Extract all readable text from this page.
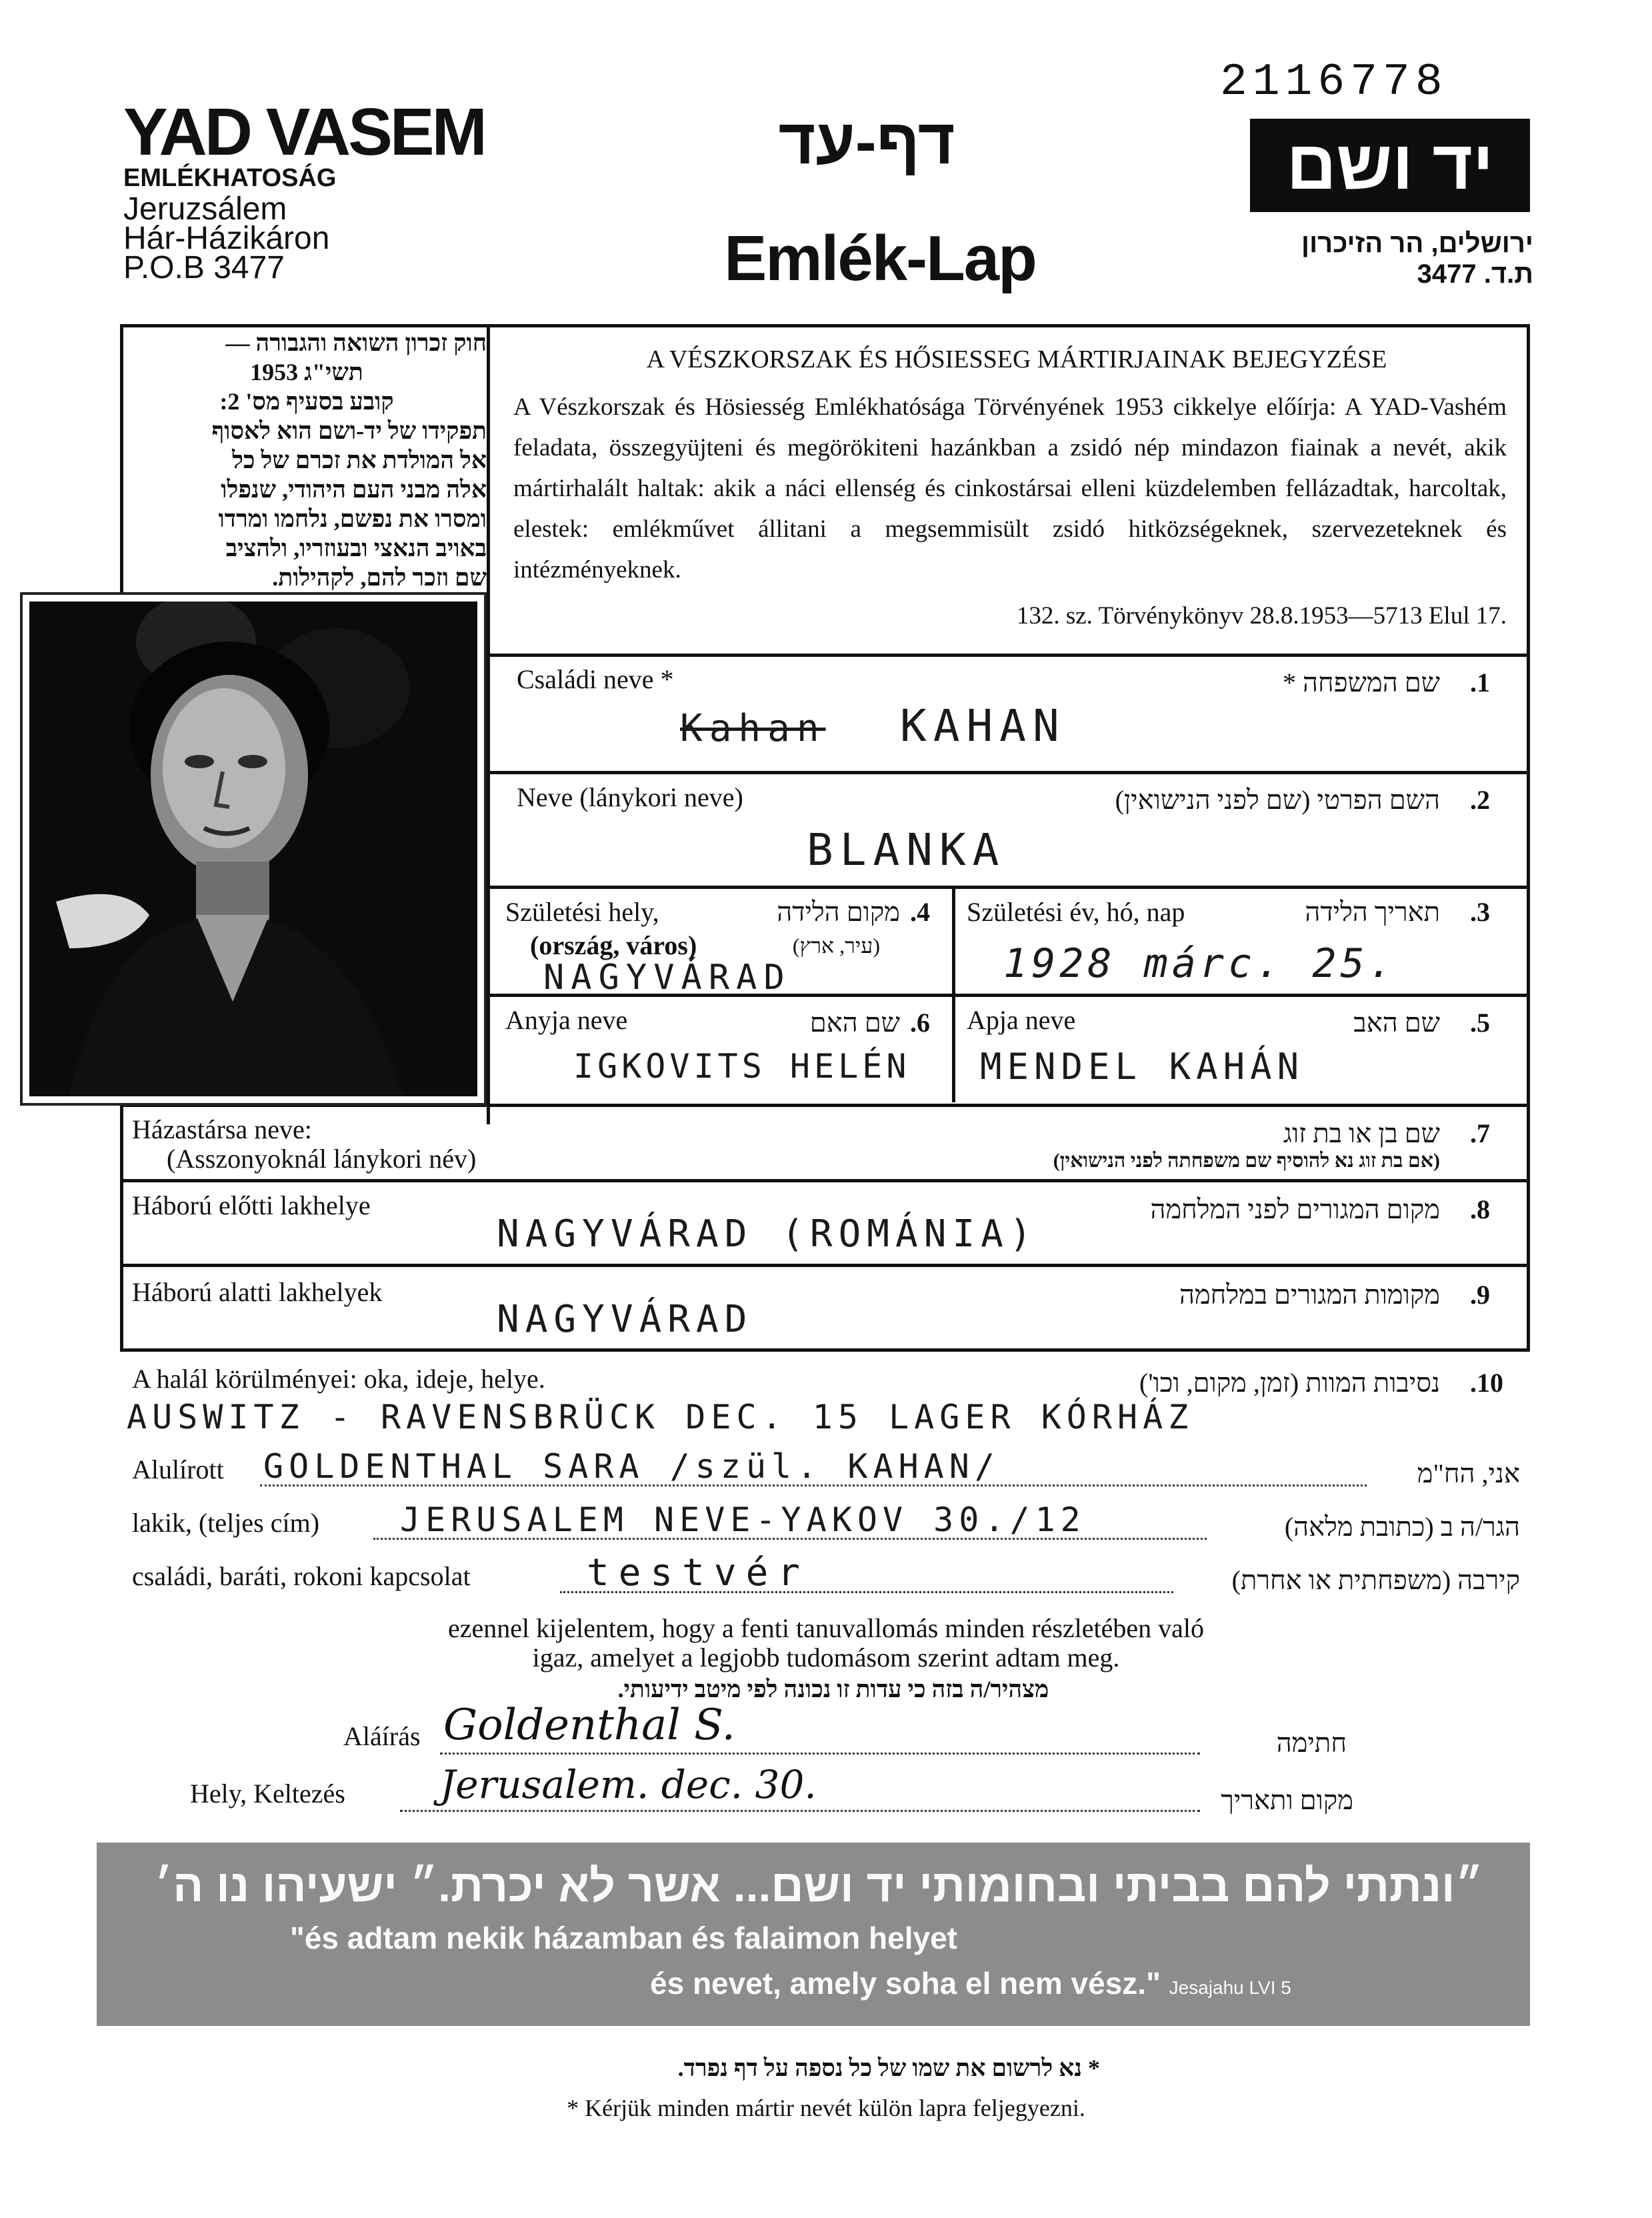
YAD VASEM
EMLÉKHATOSÁG
Jeruzsálem
Hár-Házikáron
P.O.B 3477
דף-עד
Emlék-Lap
2116778
יד ושם
ירושלים, הר הזיכרון
ת.ד. 3477
חוק זכרון השואה והגבורה —
תשי"ג 1953
קובע בסעיף מס' 2:
תפקידו של יד-ושם הוא לאסוף
אל המולדת את זכרם של כל
אלה מבני העם היהודי, שנפלו
ומסרו את נפשם, נלחמו ומרדו
באויב הנאצי ובעוזריו, ולהציב
שם וזכר להם, לקהילות.
A VÉSZKORSZAK ÉS HŐSIESSEG MÁRTIRJAINAK BEJEGYZÉSE
A Vészkorszak és Hösiesség Emlékhatósága Törvényének 1953 cikkelye előírja: A YAD-Vashém feladata, összegyüjteni és megörökiteni hazánkban a zsidó nép mindazon fiainak a nevét, akik mártirhalált haltak: akik a náci ellenség és cinkostársai elleni küzdelemben fellázadtak, harcoltak, elestek: emlékművet állitani a megsemmisült zsidó hitközségeknek, szervezeteknek és intézményeknek.
132. sz. Törvénykönyv 28.8.1953—5713 Elul 17.
Családi neve *	שם המשפחה * .1
Kahan KAHAN
Neve (lánykori neve)	השם הפרטי (שם לפני הנישואין) .2
BLANKA
Születési hely,	מקום הלידה .4
(ország, város)	(עיר, ארץ)
NAGYVÁRAD
Születési év, hó, nap	תאריך הלידה .3
1928 márc. 25.
Anyja neve	שם האם .6
IGKOVITS HELÉN
Apja neve	שם האב .5
MENDEL KAHÁN
Házastársa neve:
(Asszonyoknál lánykori név)
שם בן או בת זוג .7
(אם בת זוג נא להוסיף שם משפחתה לפני הנישואין)
Háború előtti lakhelye	מקום המגורים לפני המלחמה .8
NAGYVÁRAD (ROMÁNIA)
Háború alatti lakhelyek	מקומות המגורים במלחמה .9
NAGYVÁRAD
A halál körülményei: oka, ideje, helye.	נסיבות המוות (זמן, מקום, וכו') .10
AUSWITZ - RAVENSBRÜCK DEC. 15 LAGER KÓRHÁZ
Alulírott GOLDENTHAL SARA /szül. KAHAN/	אני, הח"מ
lakik, (teljes cím) JERUSALEM NEVE-YAKOV 30./12	הגר/ה ב (כתובת מלאה)
családi, baráti, rokoni kapcsolat	testvér	קירבה (משפחתית או אחרת)
ezennel kijelentem, hogy a fenti tanuvallomás minden részletében való
igaz, amelyet a legjobb tudomásom szerint adtam meg.
מצהיר/ה בזה כי עדות זו נכונה לפי מיטב ידיעותי.
Aláírás Goldenthal S.	חתימה
Hely, Keltezés Jerusalem. dec. 30.	מקום ותאריך
״ונתתי להם בביתי ובחומותי יד ושם... אשר לא יכרת.״ ישעיהו נו ה׳
"és adtam nekik házamban és falaimon helyet
és nevet, amely soha el nem vész." Jesajahu LVI 5
* נא לרשום את שמו של כל נספה על דף נפרד.
* Kérjük minden mártir nevét külön lapra feljegyezni.
